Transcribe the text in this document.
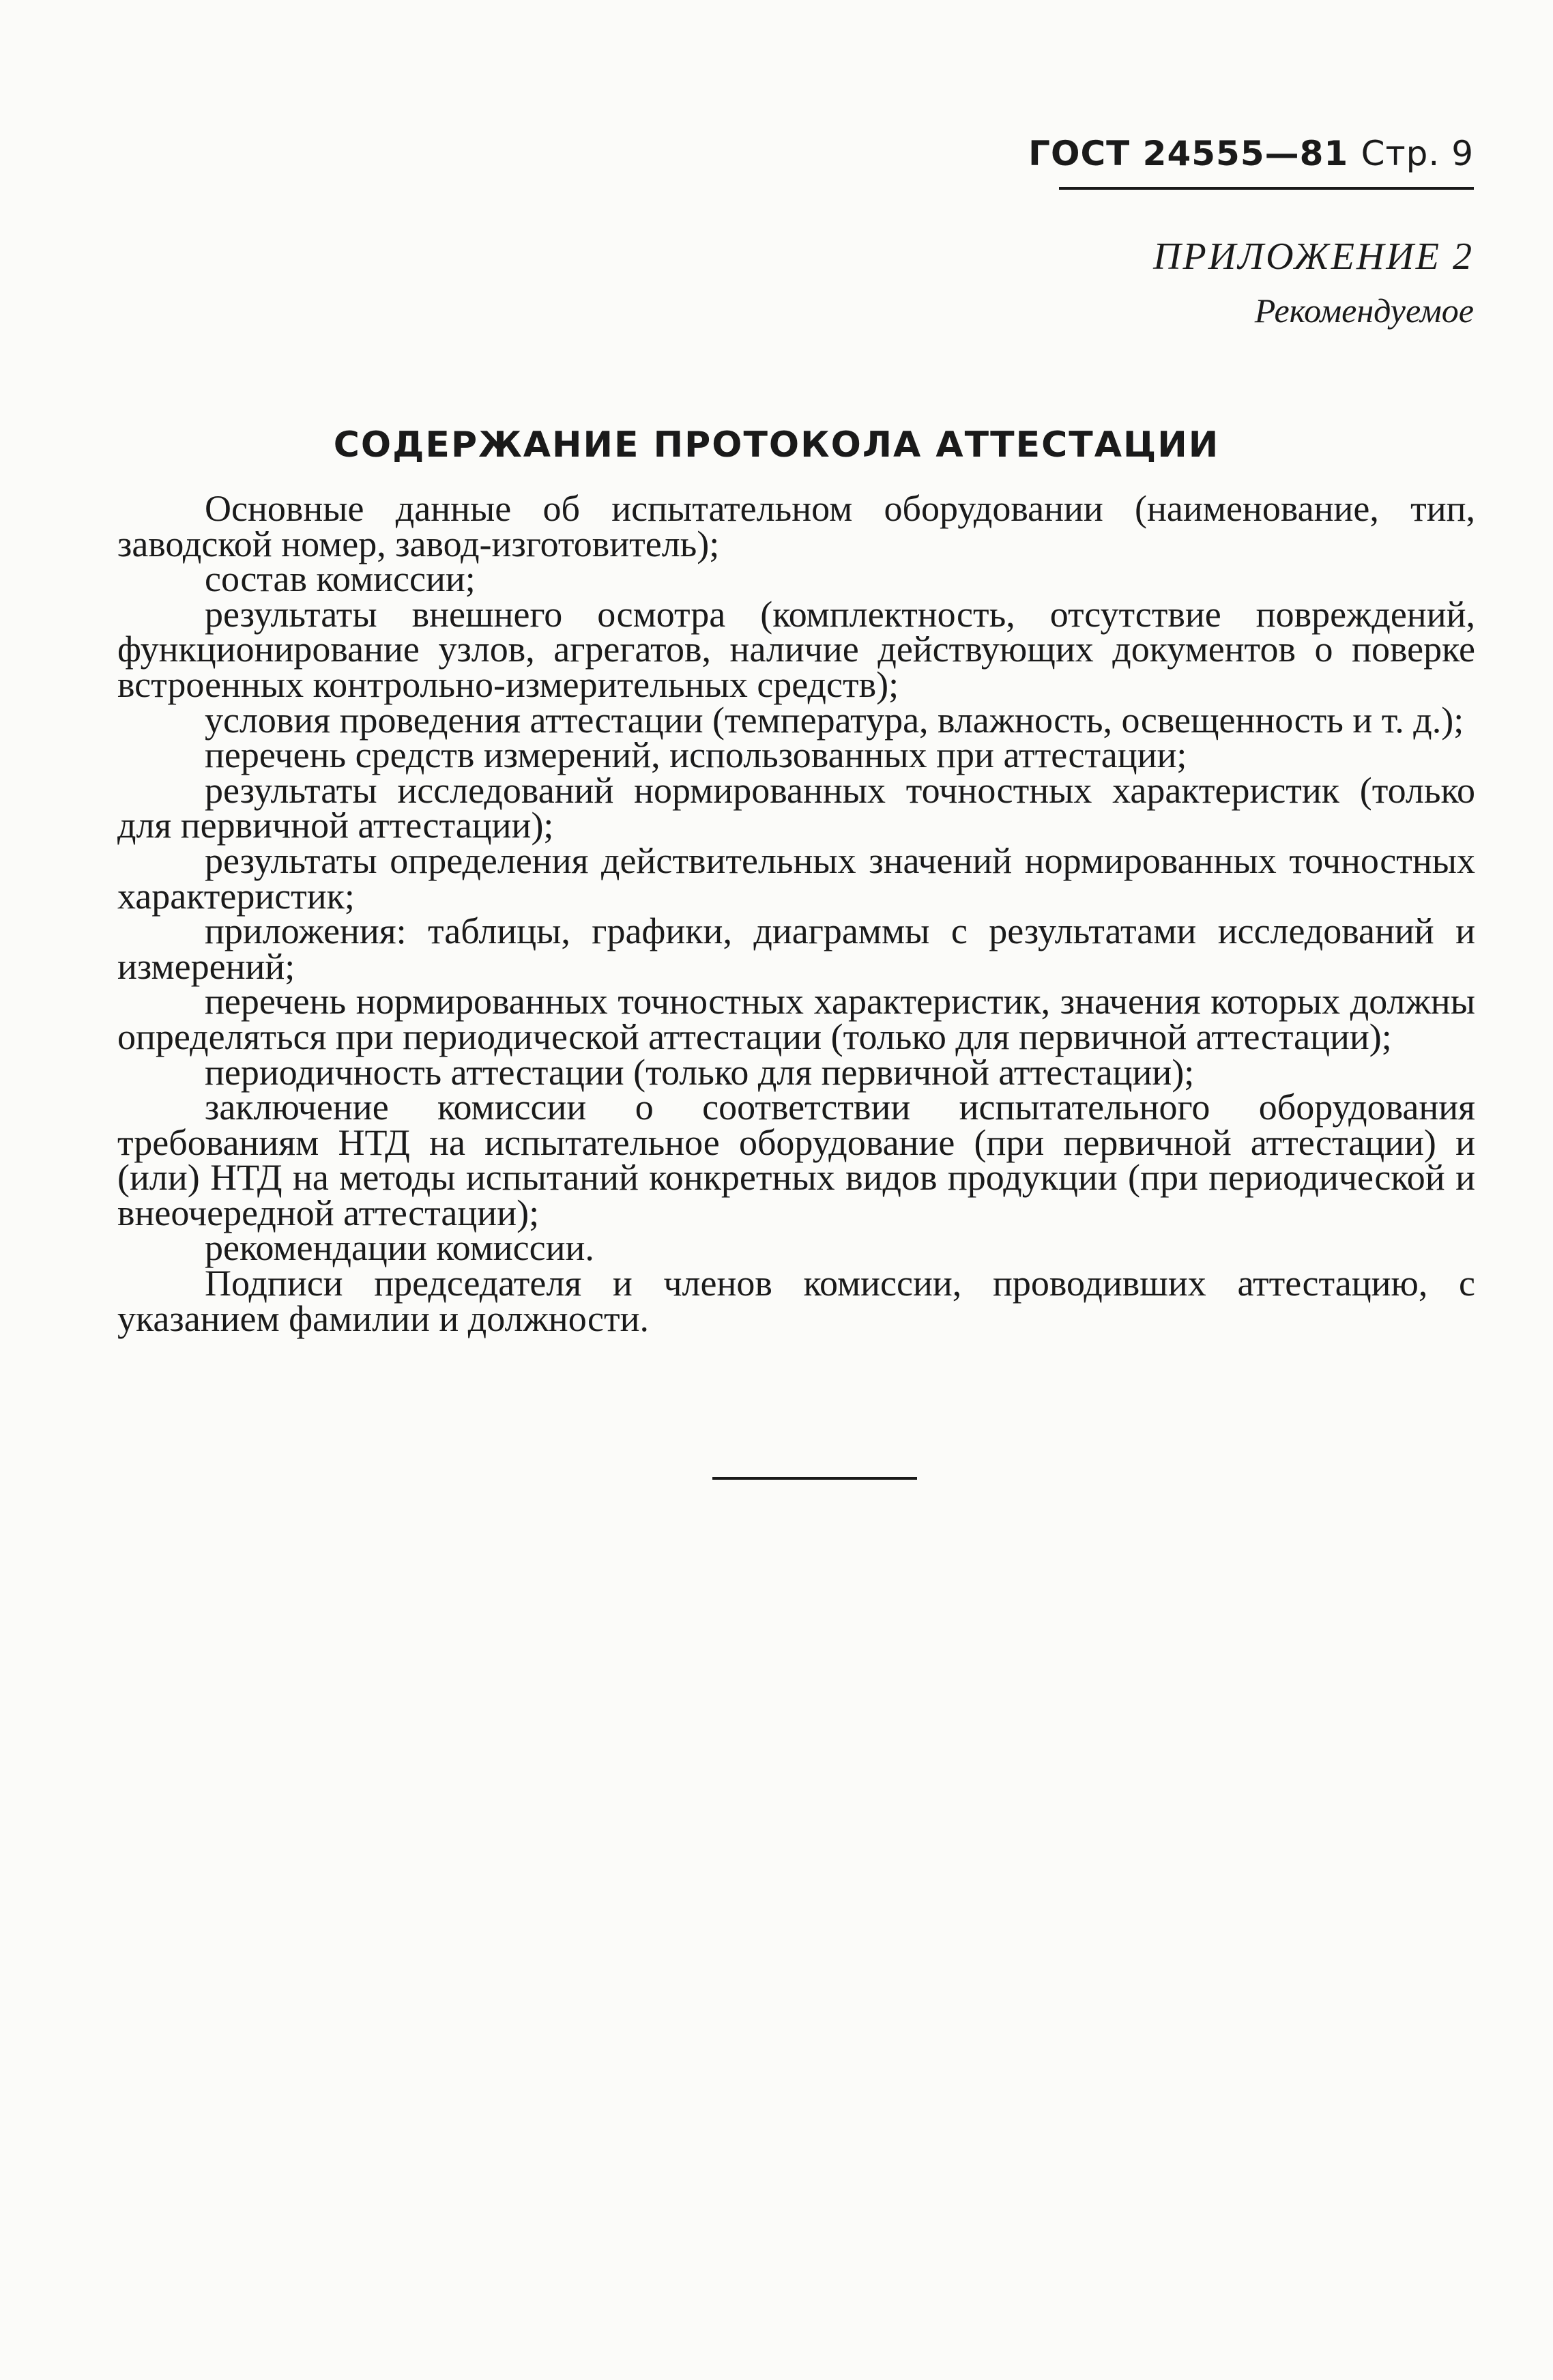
ГОСТ 24555—81 Стр. 9
ПРИЛОЖЕНИЕ 2
Рекомендуемое
СОДЕРЖАНИЕ ПРОТОКОЛА АТТЕСТАЦИИ

Основные данные об испытательном оборудовании (наименование, тип, заводской номер, завод-изготовитель);

состав комиссии;

результаты внешнего осмотра (комплектность, отсутствие повреждений, функционирование узлов, агрегатов, наличие действующих документов о поверке встроенных контрольно-измерительных средств);

условия проведения аттестации (температура, влажность, освещенность и т. д.);

перечень средств измерений, использованных при аттестации;

результаты исследований нормированных точностных характеристик (только для первичной аттестации);

результаты определения действительных значений нормированных точностных характеристик;

приложения: таблицы, графики, диаграммы с результатами исследований и измерений;

перечень нормированных точностных характеристик, значения которых должны определяться при периодической аттестации (только для первичной аттестации);

периодичность аттестации (только для первичной аттестации);

заключение комиссии о соответствии испытательного оборудования требованиям НТД на испытательное оборудование (при первичной аттестации) и (или) НТД на методы испытаний конкретных видов продукции (при периодической и внеочередной аттестации);

рекомендации комиссии.

Подписи председателя и членов комиссии, проводивших аттестацию, с указанием фамилии и должности.
